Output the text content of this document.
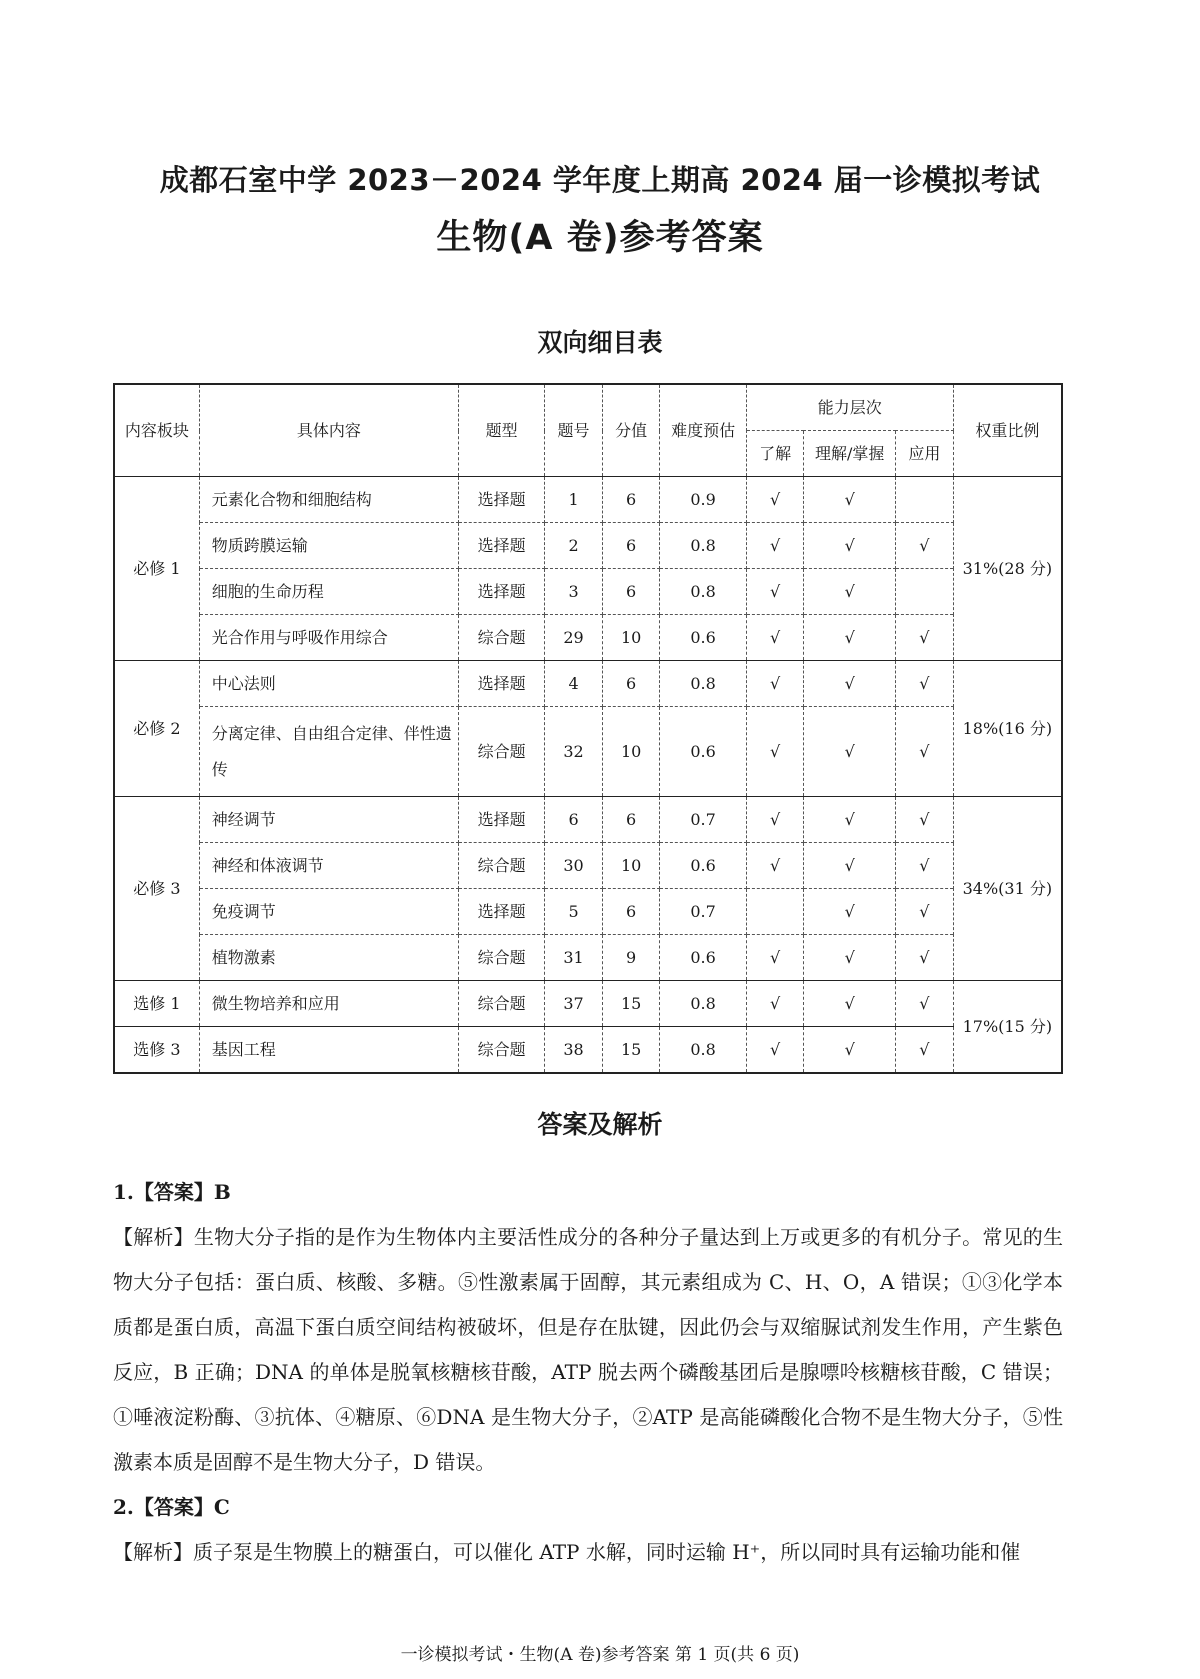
成都石室中学 2023－2024 学年度上期高 2024 届一诊模拟考试
生物(A 卷)参考答案
双向细目表
内容板块	具体内容	题型	题号	分值	难度预估	能力层次			权重比例
						了解	理解/掌握	应用	
必修 1	元素化合物和细胞结构	选择题	1	6	0.9	√	√		31%(28 分)
	物质跨膜运输	选择题	2	6	0.8	√	√	√	
	细胞的生命历程	选择题	3	6	0.8	√	√		
	光合作用与呼吸作用综合	综合题	29	10	0.6	√	√	√	
必修 2	中心法则	选择题	4	6	0.8	√	√	√	18%(16 分)
	分离定律、自由组合定律、伴性遗传	综合题	32	10	0.6	√	√	√	
必修 3	神经调节	选择题	6	6	0.7	√	√	√	34%(31 分)
	神经和体液调节	综合题	30	10	0.6	√	√	√	
	免疫调节	选择题	5	6	0.7		√	√	
	植物激素	综合题	31	9	0.6	√	√	√	
选修 1	微生物培养和应用	综合题	37	15	0.8	√	√	√	17%(15 分)
选修 3	基因工程	综合题	38	15	0.8	√	√	√	
答案及解析

1.【答案】B

【解析】生物大分子指的是作为生物体内主要活性成分的各种分子量达到上万或更多的有机分子。常见的生物大分子包括：蛋白质、核酸、多糖。⑤性激素属于固醇，其元素组成为 C、H、O，A 错误；①③化学本质都是蛋白质，高温下蛋白质空间结构被破坏，但是存在肽键，因此仍会与双缩脲试剂发生作用，产生紫色反应，B 正确；DNA 的单体是脱氧核糖核苷酸，ATP 脱去两个磷酸基团后是腺嘌呤核糖核苷酸，C 错误；①唾液淀粉酶、③抗体、④糖原、⑥DNA 是生物大分子，②ATP 是高能磷酸化合物不是生物大分子，⑤性激素本质是固醇不是生物大分子，D 错误。

2.【答案】C

【解析】质子泵是生物膜上的糖蛋白，可以催化 ATP 水解，同时运输 H⁺，所以同时具有运输功能和催

一诊模拟考试・生物(A 卷)参考答案 第 1 页(共 6 页)
